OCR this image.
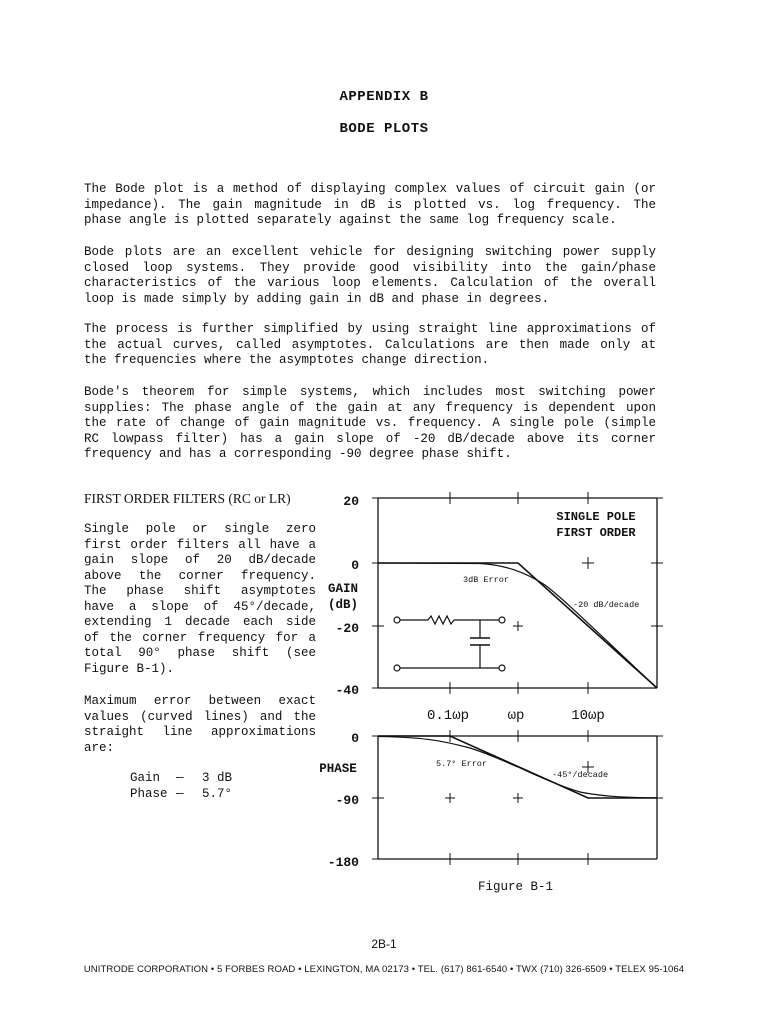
APPENDIX B
BODE PLOTS
The Bode plot is a method of displaying complex values of circuit gain (or
impedance). The gain magnitude in dB is plotted vs. log frequency. The
phase angle is plotted separately against the same log frequency scale.
Bode plots are an excellent vehicle for designing switching power supply
closed loop systems. They provide good visibility into the gain/phase
characteristics of the various loop elements. Calculation of the overall
loop is made simply by adding gain in dB and phase in degrees.
The process is further simplified by using straight line approximations of
the actual curves, called asymptotes. Calculations are then made only at
the frequencies where the asymptotes change direction.
Bode's theorem for simple systems, which includes most switching power
supplies: The phase angle of the gain at any frequency is dependent upon
the rate of change of gain magnitude vs. frequency. A single pole (simple
RC lowpass filter) has a gain slope of -20 dB/decade above its corner
frequency and has a corresponding -90 degree phase shift.
FIRST ORDER FILTERS (RC or LR)
Single pole or single zero
first order filters all have a
gain slope of 20 dB/decade
above the corner frequency.
The phase shift asymptotes
have a slope of 45°/decade,
extending 1 decade each side
of the corner frequency for a
total 90° phase shift (see
Figure B-1).
Maximum error between exact
values (curved lines) and the
straight line approximations
are:
Gain	—	3 dB
Phase —	5.7°
20
0
-20
-40
GAIN
(dB)
SINGLE POLE
FIRST ORDER
3dB Error
-20 dB/decade
0.1ωp	ωp	10ωp
0
-90
-180
PHASE	5.7° Error
-45°/decade
Figure B-1
2B-1
UNITRODE CORPORATION • 5 FORBES ROAD • LEXINGTON, MA 02173 • TEL. (617) 861-6540 • TWX (710) 326-6509 • TELEX 95-1064
